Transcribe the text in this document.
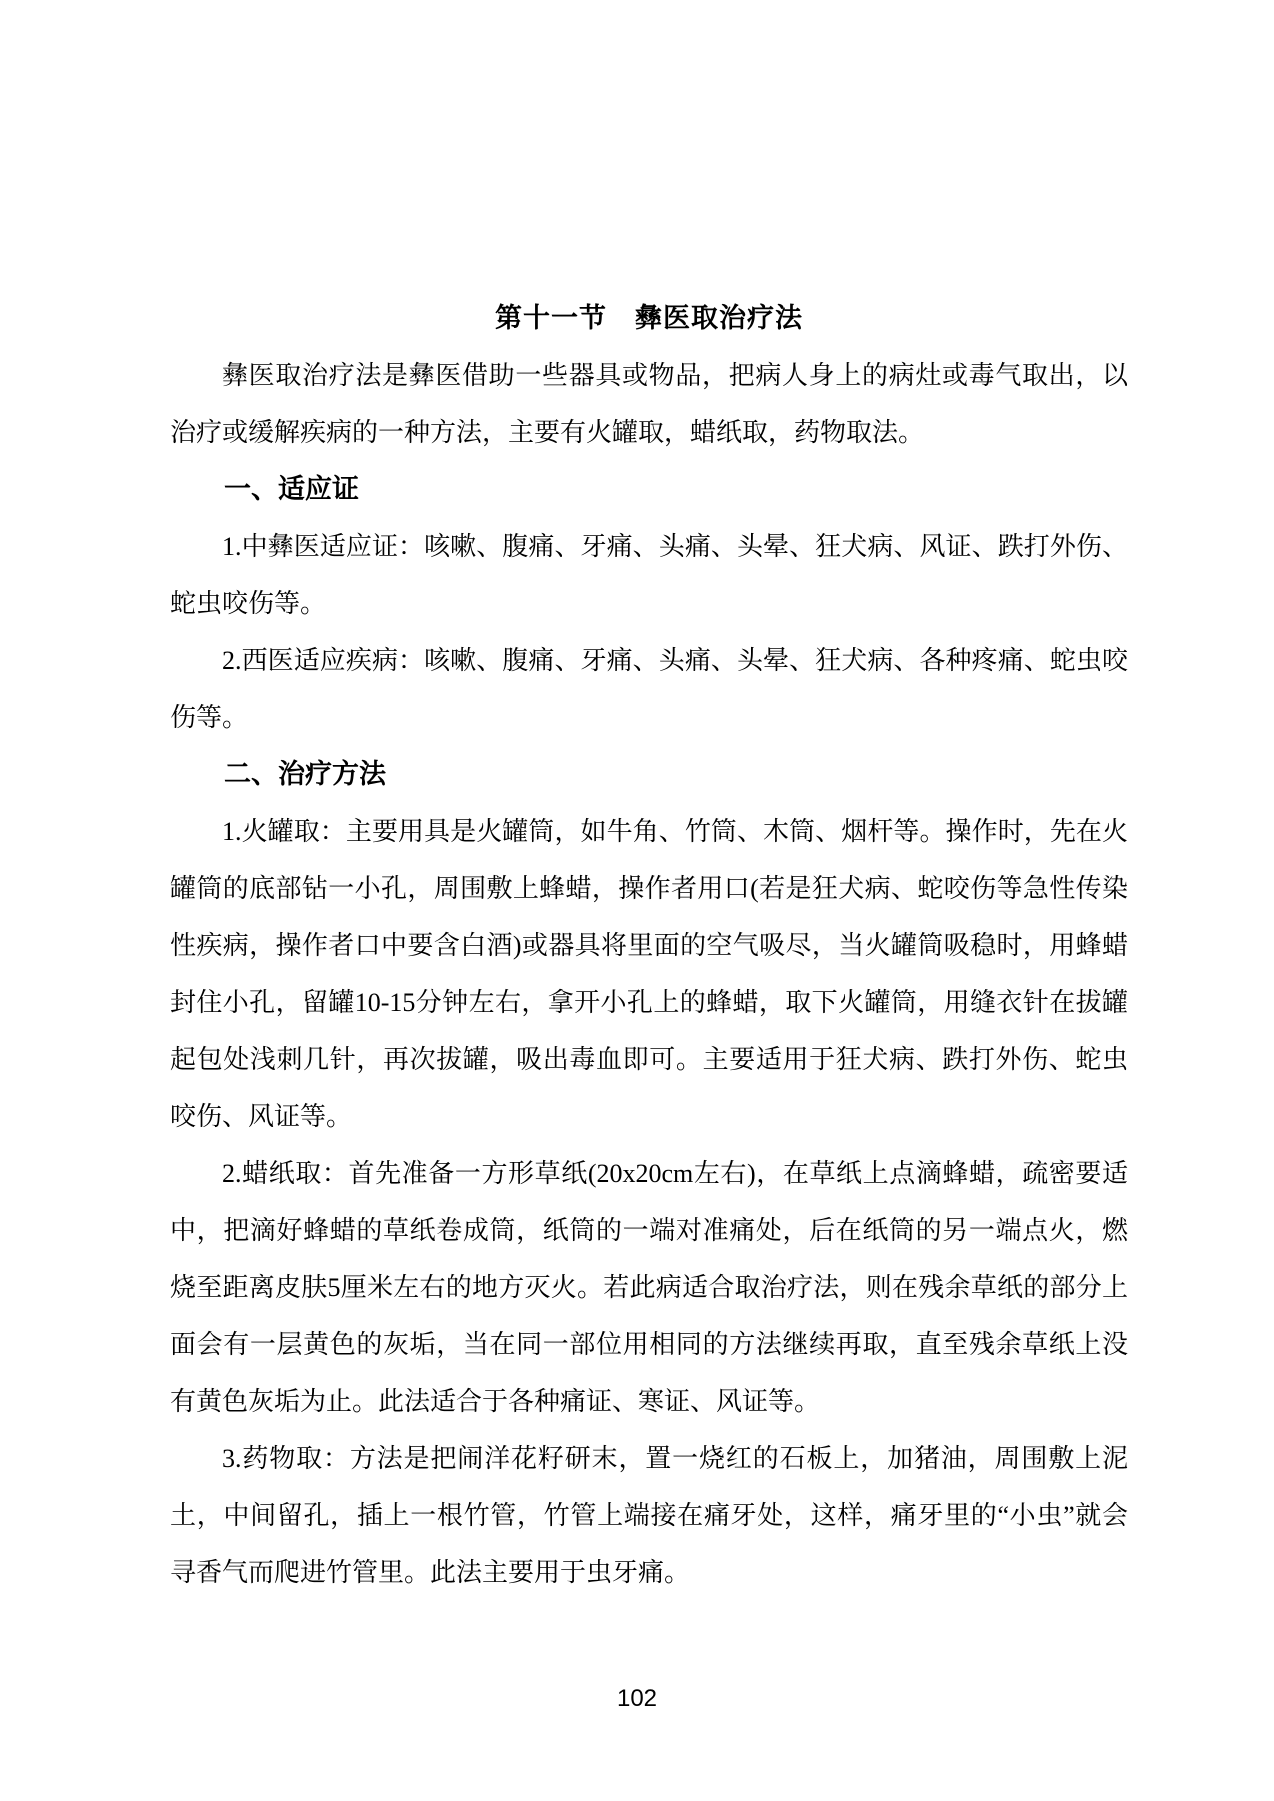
第十一节　彝医取治疗法

彝医取治疗法是彝医借助一些器具或物品，把病人身上的病灶或毒气取出，以治疗或缓解疾病的一种方法，主要有火罐取，蜡纸取，药物取法。

一、适应证

1.中彝医适应证：咳嗽、腹痛、牙痛、头痛、头晕、狂犬病、风证、跌打外伤、蛇虫咬伤等。

2.西医适应疾病：咳嗽、腹痛、牙痛、头痛、头晕、狂犬病、各种疼痛、蛇虫咬伤等。

二、治疗方法

1.火罐取：主要用具是火罐筒，如牛角、竹筒、木筒、烟杆等。操作时，先在火罐筒的底部钻一小孔，周围敷上蜂蜡，操作者用口(若是狂犬病、蛇咬伤等急性传染性疾病，操作者口中要含白酒)或器具将里面的空气吸尽，当火罐筒吸稳时，用蜂蜡封住小孔，留罐10-15分钟左右，拿开小孔上的蜂蜡，取下火罐筒，用缝衣针在拔罐起包处浅刺几针，再次拔罐，吸出毒血即可。主要适用于狂犬病、跌打外伤、蛇虫咬伤、风证等。

2.蜡纸取：首先准备一方形草纸(20x20cm左右)，在草纸上点滴蜂蜡，疏密要适中，把滴好蜂蜡的草纸卷成筒，纸筒的一端对准痛处，后在纸筒的另一端点火，燃烧至距离皮肤5厘米左右的地方灭火。若此病适合取治疗法，则在残余草纸的部分上面会有一层黄色的灰垢，当在同一部位用相同的方法继续再取，直至残余草纸上没有黄色灰垢为止。此法适合于各种痛证、寒证、风证等。

3.药物取：方法是把闹洋花籽研末，置一烧红的石板上，加猪油，周围敷上泥土，中间留孔，插上一根竹管，竹管上端接在痛牙处，这样，痛牙里的“小虫”就会寻香气而爬进竹管里。此法主要用于虫牙痛。

102
